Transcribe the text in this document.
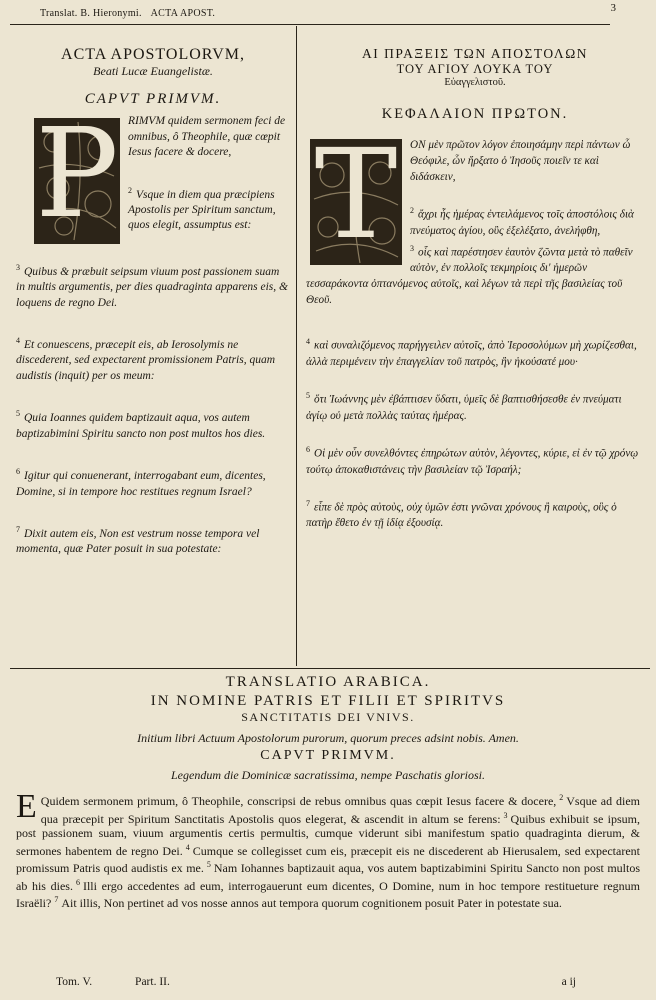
Translat. B. Hieronymi. ACTA APOST.	3
ACTA APOSTOLORVM,
Beati Lucæ Euangelistæ.
CAPVT PRIMVM.
P RIMVM quidem sermonem feci de omnibus, ô Theophile, quæ cœpit Iesus facere & docere,

$^2$ Vsque in diem qua præcipiens Apostolis per Spiritum sanctum, quos elegit, assumptus est:

$^3$ Quibus & præbuit seipsum viuum post passionem suam in multis argumentis, per dies quadraginta apparens eis, & loquens de regno Dei.

$^4$ Et conuescens, præcepit eis, ab Ierosolymis ne discederent, sed expectarent promissionem Patris, quam audistis (inquit) per os meum:

$^5$ Quia Ioannes quidem baptizauit aqua, vos autem baptizabimini Spiritu sancto non post multos hos dies.

$^6$ Igitur qui conuenerant, interrogabant eum, dicentes, Domine, si in tempore hoc restitues regnum Israel?

$^7$ Dixit autem eis, Non est vestrum nosse tempora vel momenta, quæ Pater posuit in sua potestate:

ΑΙ ΠΡΑΞΕΙΣ ΤΩΝ ΑΠΟΣΤΟΛΩΝ
ΤΟΥ ΑΓΙΟΥ ΛΟΥΚΑ ΤΟΥ
Εὐαγγελιστοῦ.
ΚΕΦΑΛΑΙΟΝ ΠΡΩΤΟΝ.
T	ΟΝ μὲν πρῶτον λόγον ἐποιησάμην περὶ πάντων ὦ Θεόφιλε, ὧν ἤρξατο ὁ Ἰησοῦς ποιεῖν τε καὶ διδάσκειν,

$^2$ ἄχρι ἧς ἡμέρας ἐντειλάμενος τοῖς ἀποστόλοις διὰ πνεύματος ἁγίου, οὓς ἐξελέξατο, ἀνελήφθη,

$^3$ οἷς καὶ παρέστησεν ἑαυτὸν ζῶντα μετὰ τὸ παθεῖν αὐτὸν, ἐν πολλοῖς τεκμηρίοις δι' ἡμερῶν τεσσαράκοντα ὀπτανόμενος αὐτοῖς, καὶ λέγων τὰ περὶ τῆς βασιλείας τοῦ Θεοῦ.

$^4$ καὶ συναλιζόμενος παρήγγειλεν αὐτοῖς, ἀπὸ Ἱεροσολύμων μὴ χωρίζεσθαι, ἀλλὰ περιμένειν τὴν ἐπαγγελίαν τοῦ πατρὸς, ἣν ἠκούσατέ μου·

$^5$ ὅτι Ἰωάννης μὲν ἐβάπτισεν ὕδατι, ὑμεῖς δὲ βαπτισθήσεσθε ἐν πνεύματι ἁγίῳ οὐ μετὰ πολλὰς ταύτας ἡμέρας.

$^6$ Οἱ μὲν οὖν συνελθόντες ἐπηρώτων αὐτὸν, λέγοντες, κύριε, εἰ ἐν τῷ χρόνῳ τούτῳ ἀποκαθιστάνεις τὴν βασιλείαν τῷ Ἰσραήλ;

$^7$ εἶπε δὲ πρὸς αὐτοὺς, οὐχ ὑμῶν ἐστι γνῶναι χρόνους ἢ καιροὺς, οὓς ὁ πατὴρ ἔθετο ἐν τῇ ἰδίᾳ ἐξουσίᾳ.

TRANSLATIO ARABICA.
IN NOMINE PATRIS ET FILII ET SPIRITVS
SANCTITATIS DEI VNIVS.
Initium libri Actuum Apostolorum purorum, quorum preces adsint nobis. Amen.
CAPVT PRIMVM.
Legendum die Dominicæ sacratissima, nempe Paschatis gloriosi.

E Quidem sermonem primum, ô Theophile, conscripsi de rebus omnibus quas cœpit Iesus facere & docere, $^2$ Vsque ad diem qua præcepit per Spiritum Sanctitatis Apostolis quos elegerat, & ascendit in altum se ferens: $^3$ Quibus exhibuit se ipsum, post passionem suam, viuum argumentis certis permultis, cumque viderunt sibi manifestum spatio quadraginta dierum, & sermones habentem de regno Dei. $^4$ Cumque se collegisset cum eis, præcepit eis ne discederent ab Hierusalem, sed expectarent promissum Patris quod audistis ex me. $^5$ Nam Iohannes baptizauit aqua, vos autem baptizabimini Spiritu Sancto non post multos ab his dies. $^6$ Illi ergo accedentes ad eum, interrogauerunt eum dicentes, O Domine, num in hoc tempore restitueture regnum Israëli? $^7$ Ait illis, Non pertinet ad vos nosse annos aut tempora quorum cognitionem posuit Pater in potestate sua.

Tom. V.	Part. II.	a ij
